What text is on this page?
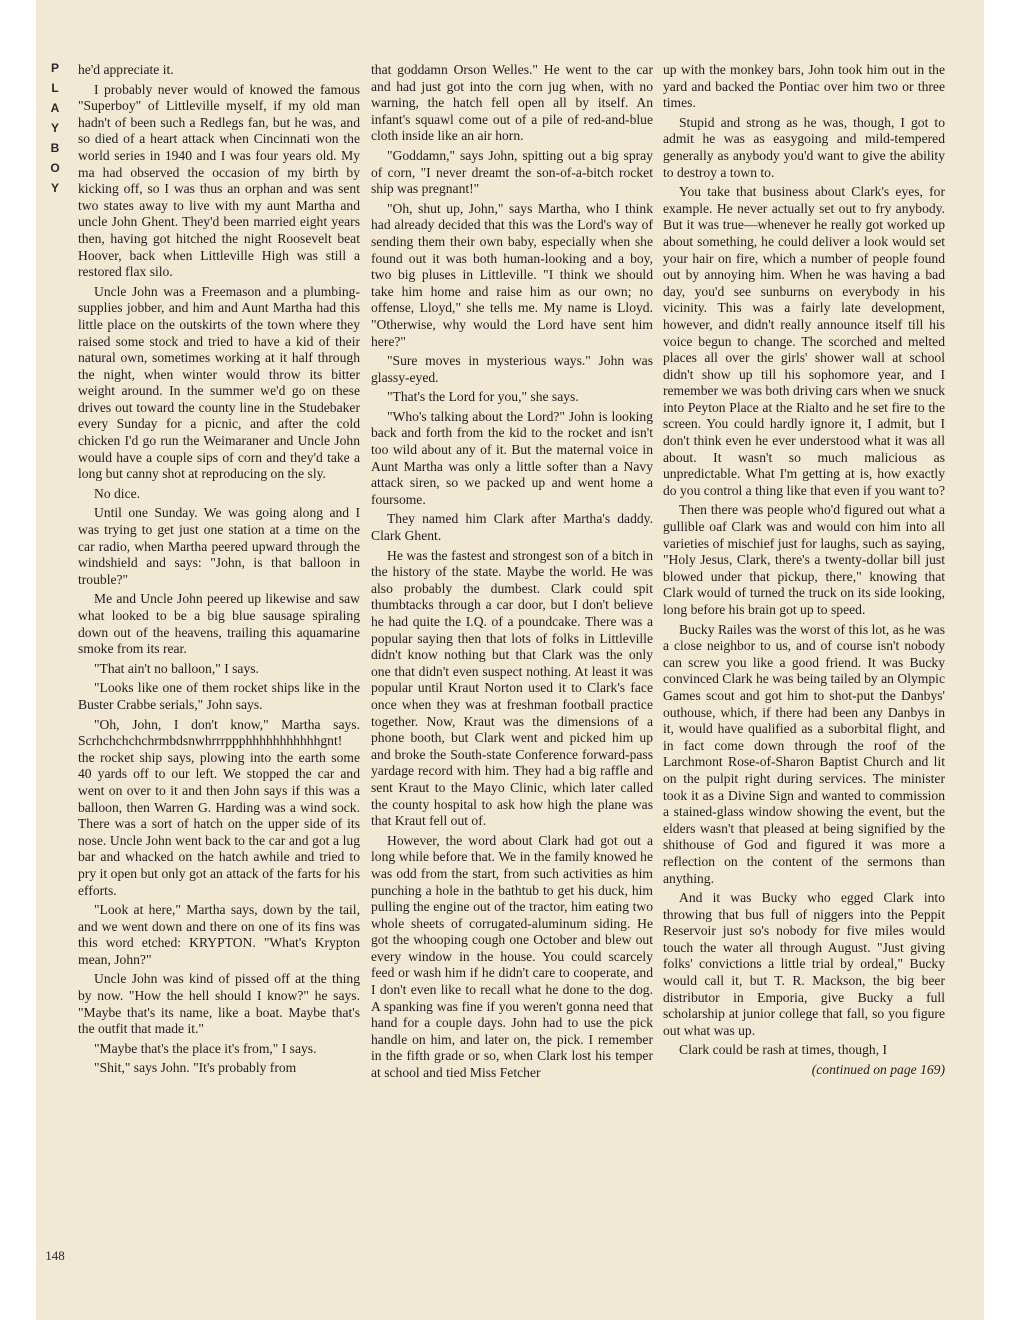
P
L
A
Y
B
O
Y
148

he'd appreciate it.

I probably never would of knowed the famous "Superboy" of Littleville myself, if my old man hadn't of been such a Redlegs fan, but he was, and so died of a heart attack when Cincinnati won the world series in 1940 and I was four years old. My ma had observed the occasion of my birth by kicking off, so I was thus an orphan and was sent two states away to live with my aunt Martha and uncle John Ghent. They'd been married eight years then, having got hitched the night Roosevelt beat Hoover, back when Littleville High was still a restored flax silo.

Uncle John was a Freemason and a plumbing-supplies jobber, and him and Aunt Martha had this little place on the outskirts of the town where they raised some stock and tried to have a kid of their natural own, sometimes working at it half through the night, when winter would throw its bitter weight around. In the summer we'd go on these drives out toward the county line in the Studebaker every Sunday for a picnic, and after the cold chicken I'd go run the Weimaraner and Uncle John would have a couple sips of corn and they'd take a long but canny shot at reproducing on the sly.

No dice.

Until one Sunday. We was going along and I was trying to get just one station at a time on the car radio, when Martha peered upward through the windshield and says: "John, is that balloon in trouble?"

Me and Uncle John peered up likewise and saw what looked to be a big blue sausage spiraling down out of the heavens, trailing this aquamarine smoke from its rear.

"That ain't no balloon," I says.

"Looks like one of them rocket ships like in the Buster Crabbe serials," John says.

"Oh, John, I don't know," Martha says. Scrhchchchchrmbdsnwhrrrppphhhhhhhhhhhgnt! the rocket ship says, plowing into the earth some 40 yards off to our left. We stopped the car and went on over to it and then John says if this was a balloon, then Warren G. Harding was a wind sock. There was a sort of hatch on the upper side of its nose. Uncle John went back to the car and got a lug bar and whacked on the hatch awhile and tried to pry it open but only got an attack of the farts for his efforts.

"Look at here," Martha says, down by the tail, and we went down and there on one of its fins was this word etched: KRYPTON. "What's Krypton mean, John?"

Uncle John was kind of pissed off at the thing by now. "How the hell should I know?" he says. "Maybe that's its name, like a boat. Maybe that's the outfit that made it."

"Maybe that's the place it's from," I says.

"Shit," says John. "It's probably from

that goddamn Orson Welles." He went to the car and had just got into the corn jug when, with no warning, the hatch fell open all by itself. An infant's squawl come out of a pile of red-and-blue cloth inside like an air horn.

"Goddamn," says John, spitting out a big spray of corn, "I never dreamt the son-of-a-bitch rocket ship was pregnant!"

"Oh, shut up, John," says Martha, who I think had already decided that this was the Lord's way of sending them their own baby, especially when she found out it was both human-looking and a boy, two big pluses in Littleville. "I think we should take him home and raise him as our own; no offense, Lloyd," she tells me. My name is Lloyd. "Otherwise, why would the Lord have sent him here?"

"Sure moves in mysterious ways." John was glassy-eyed.

"That's the Lord for you," she says.

"Who's talking about the Lord?" John is looking back and forth from the kid to the rocket and isn't too wild about any of it. But the maternal voice in Aunt Martha was only a little softer than a Navy attack siren, so we packed up and went home a foursome.

They named him Clark after Martha's daddy. Clark Ghent.

He was the fastest and strongest son of a bitch in the history of the state. Maybe the world. He was also probably the dumbest. Clark could spit thumbtacks through a car door, but I don't believe he had quite the I.Q. of a poundcake. There was a popular saying then that lots of folks in Littleville didn't know nothing but that Clark was the only one that didn't even suspect nothing. At least it was popular until Kraut Norton used it to Clark's face once when they was at freshman football practice together. Now, Kraut was the dimensions of a phone booth, but Clark went and picked him up and broke the South-state Conference forward-pass yardage record with him. They had a big raffle and sent Kraut to the Mayo Clinic, which later called the county hospital to ask how high the plane was that Kraut fell out of.

However, the word about Clark had got out a long while before that. We in the family knowed he was odd from the start, from such activities as him punching a hole in the bathtub to get his duck, him pulling the engine out of the tractor, him eating two whole sheets of corrugated-aluminum siding. He got the whooping cough one October and blew out every window in the house. You could scarcely feed or wash him if he didn't care to cooperate, and I don't even like to recall what he done to the dog. A spanking was fine if you weren't gonna need that hand for a couple days. John had to use the pick handle on him, and later on, the pick. I remember in the fifth grade or so, when Clark lost his temper at school and tied Miss Fetcher

up with the monkey bars, John took him out in the yard and backed the Pontiac over him two or three times.

Stupid and strong as he was, though, I got to admit he was as easygoing and mild-tempered generally as anybody you'd want to give the ability to destroy a town to.

You take that business about Clark's eyes, for example. He never actually set out to fry anybody. But it was true—whenever he really got worked up about something, he could deliver a look would set your hair on fire, which a number of people found out by annoying him. When he was having a bad day, you'd see sunburns on everybody in his vicinity. This was a fairly late development, however, and didn't really announce itself till his voice begun to change. The scorched and melted places all over the girls' shower wall at school didn't show up till his sophomore year, and I remember we was both driving cars when we snuck into Peyton Place at the Rialto and he set fire to the screen. You could hardly ignore it, I admit, but I don't think even he ever understood what it was all about. It wasn't so much malicious as unpredictable. What I'm getting at is, how exactly do you control a thing like that even if you want to?

Then there was people who'd figured out what a gullible oaf Clark was and would con him into all varieties of mischief just for laughs, such as saying, "Holy Jesus, Clark, there's a twenty-dollar bill just blowed under that pickup, there," knowing that Clark would of turned the truck on its side looking, long before his brain got up to speed.

Bucky Railes was the worst of this lot, as he was a close neighbor to us, and of course isn't nobody can screw you like a good friend. It was Bucky convinced Clark he was being tailed by an Olympic Games scout and got him to shot-put the Danbys' outhouse, which, if there had been any Danbys in it, would have qualified as a suborbital flight, and in fact come down through the roof of the Larchmont Rose-of-Sharon Baptist Church and lit on the pulpit right during services. The minister took it as a Divine Sign and wanted to commission a stained-glass window showing the event, but the elders wasn't that pleased at being signified by the shithouse of God and figured it was more a reflection on the content of the sermons than anything.

And it was Bucky who egged Clark into throwing that bus full of niggers into the Peppit Reservoir just so's nobody for five miles would touch the water all through August. "Just giving folks' convictions a little trial by ordeal," Bucky would call it, but T. R. Mackson, the big beer distributor in Emporia, give Bucky a full scholarship at junior college that fall, so you figure out what was up.

Clark could be rash at times, though, I

(continued on page 169)
